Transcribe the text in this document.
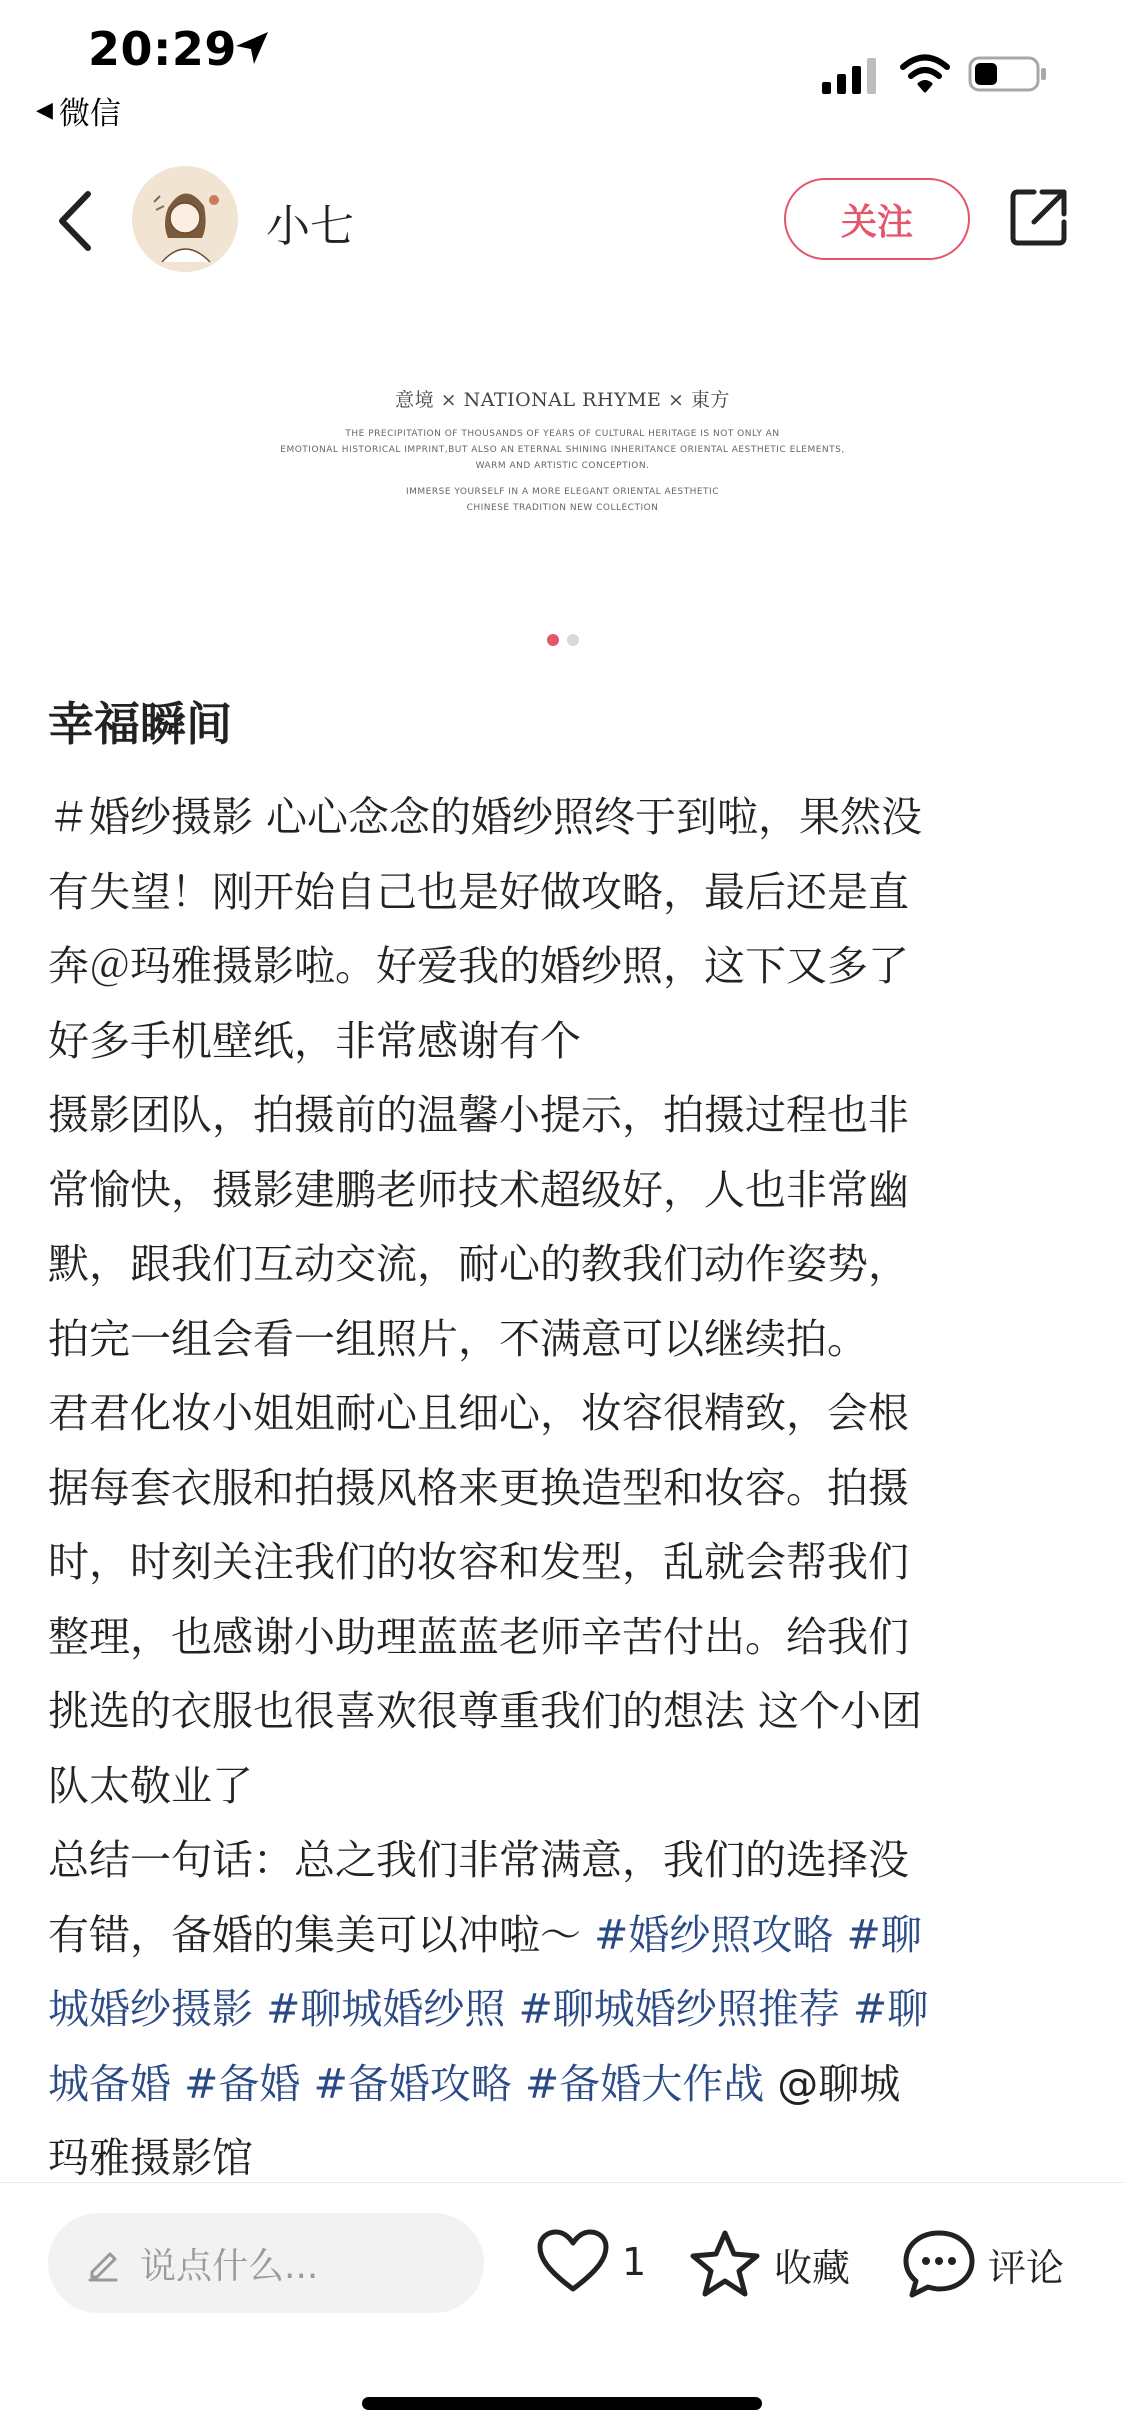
20:29
◀ 微信
小七	关注
意境 × NATIONAL RHYME × 東方
THE PRECIPITATION OF THOUSANDS OF YEARS OF CULTURAL HERITAGE IS NOT ONLY AN
EMOTIONAL HISTORICAL IMPRINT,BUT ALSO AN ETERNAL SHINING INHERITANCE ORIENTAL AESTHETIC ELEMENTS,
WARM AND ARTISTIC CONCEPTION.
IMMERSE YOURSELF IN A MORE ELEGANT ORIENTAL AESTHETIC
CHINESE TRADITION NEW COLLECTION
幸福瞬间
＃婚纱摄影 心心念念的婚纱照终于到啦，果然没
有失望！刚开始自己也是好做攻略，最后还是直
奔＠玛雅摄影啦。好爱我的婚纱照，这下又多了
好多手机壁纸，非常感谢有个
摄影团队，拍摄前的温馨小提示，拍摄过程也非
常愉快，摄影建鹏老师技术超级好，人也非常幽
默，跟我们互动交流，耐心的教我们动作姿势，
拍完一组会看一组照片，不满意可以继续拍。
君君化妆小姐姐耐心且细心，妆容很精致，会根
据每套衣服和拍摄风格来更换造型和妆容。拍摄
时，时刻关注我们的妆容和发型，乱就会帮我们
整理，也感谢小助理蓝蓝老师辛苦付出。给我们
挑选的衣服也很喜欢很尊重我们的想法 这个小团
队太敬业了
总结一句话：总之我们非常满意，我们的选择没
有错，备婚的集美可以冲啦～ #婚纱照攻略 #聊
城婚纱摄影 #聊城婚纱照 #聊城婚纱照推荐 #聊
城备婚 #备婚 #备婚攻略 #备婚大作战 @聊城
玛雅摄影馆
说点什么...	1	收藏	评论
